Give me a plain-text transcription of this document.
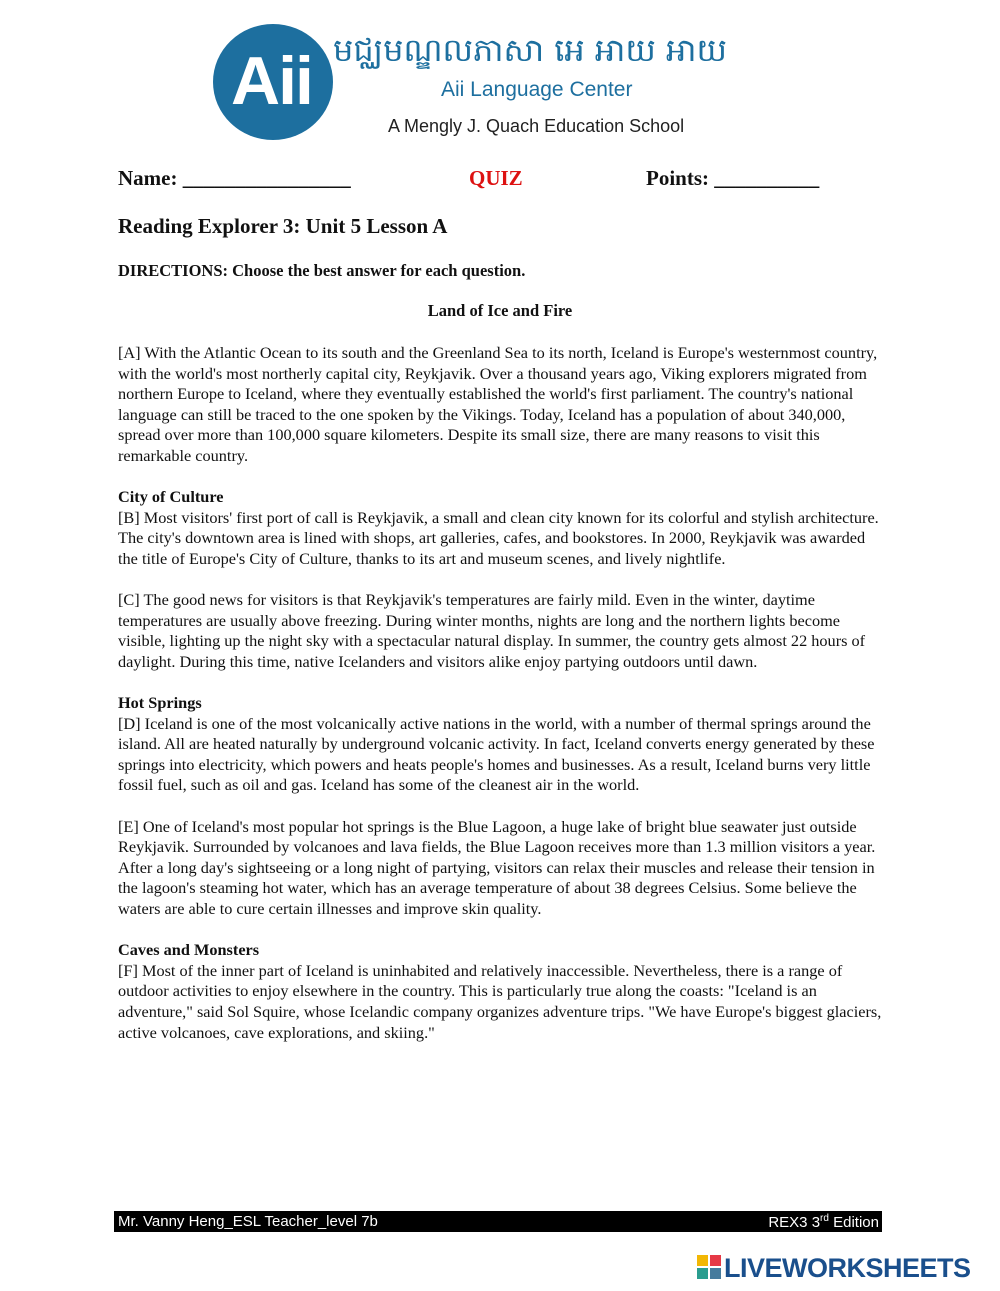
Aii មជ្ឈមណ្ឌលភាសា អេ អាយ អាយ
Aii Language Center
A Mengly J. Quach Education School
Name: ________________	QUIZ	Points: __________
Reading Explorer 3: Unit 5 Lesson A
DIRECTIONS: Choose the best answer for each question.
Land of Ice and Fire

[A] With the Atlantic Ocean to its south and the Greenland Sea to its north, Iceland is Europe's westernmost country, with the world's most northerly capital city, Reykjavik. Over a thousand years ago, Viking explorers migrated from northern Europe to Iceland, where they eventually established the world's first parliament. The country's national language can still be traced to the one spoken by the Vikings. Today, Iceland has a population of about 340,000, spread over more than 100,000 square kilometers. Despite its small size, there are many reasons to visit this remarkable country.

City of Culture

[B] Most visitors' first port of call is Reykjavik, a small and clean city known for its colorful and stylish architecture. The city's downtown area is lined with shops, art galleries, cafes, and bookstores. In 2000, Reykjavik was awarded the title of Europe's City of Culture, thanks to its art and museum scenes, and lively nightlife.

[C] The good news for visitors is that Reykjavik's temperatures are fairly mild. Even in the winter, daytime temperatures are usually above freezing. During winter months, nights are long and the northern lights become visible, lighting up the night sky with a spectacular natural display. In summer, the country gets almost 22 hours of daylight. During this time, native Icelanders and visitors alike enjoy partying outdoors until dawn.

Hot Springs

[D] Iceland is one of the most volcanically active nations in the world, with a number of thermal springs around the island. All are heated naturally by underground volcanic activity. In fact, Iceland converts energy generated by these springs into electricity, which powers and heats people's homes and businesses. As a result, Iceland burns very little fossil fuel, such as oil and gas. Iceland has some of the cleanest air in the world.

[E] One of Iceland's most popular hot springs is the Blue Lagoon, a huge lake of bright blue seawater just outside Reykjavik. Surrounded by volcanoes and lava fields, the Blue Lagoon receives more than 1.3 million visitors a year. After a long day's sightseeing or a long night of partying, visitors can relax their muscles and release their tension in the lagoon's steaming hot water, which has an average temperature of about 38 degrees Celsius. Some believe the waters are able to cure certain illnesses and improve skin quality.

Caves and Monsters

[F] Most of the inner part of Iceland is uninhabited and relatively inaccessible. Nevertheless, there is a range of outdoor activities to enjoy elsewhere in the country. This is particularly true along the coasts: "Iceland is an adventure," said Sol Squire, whose Icelandic company organizes adventure trips. "We have Europe's biggest glaciers, active volcanoes, cave explorations, and skiing."

Mr. Vanny Heng_ESL Teacher_level 7b	REX3 3rd Edition
LIVEWORKSHEETS
